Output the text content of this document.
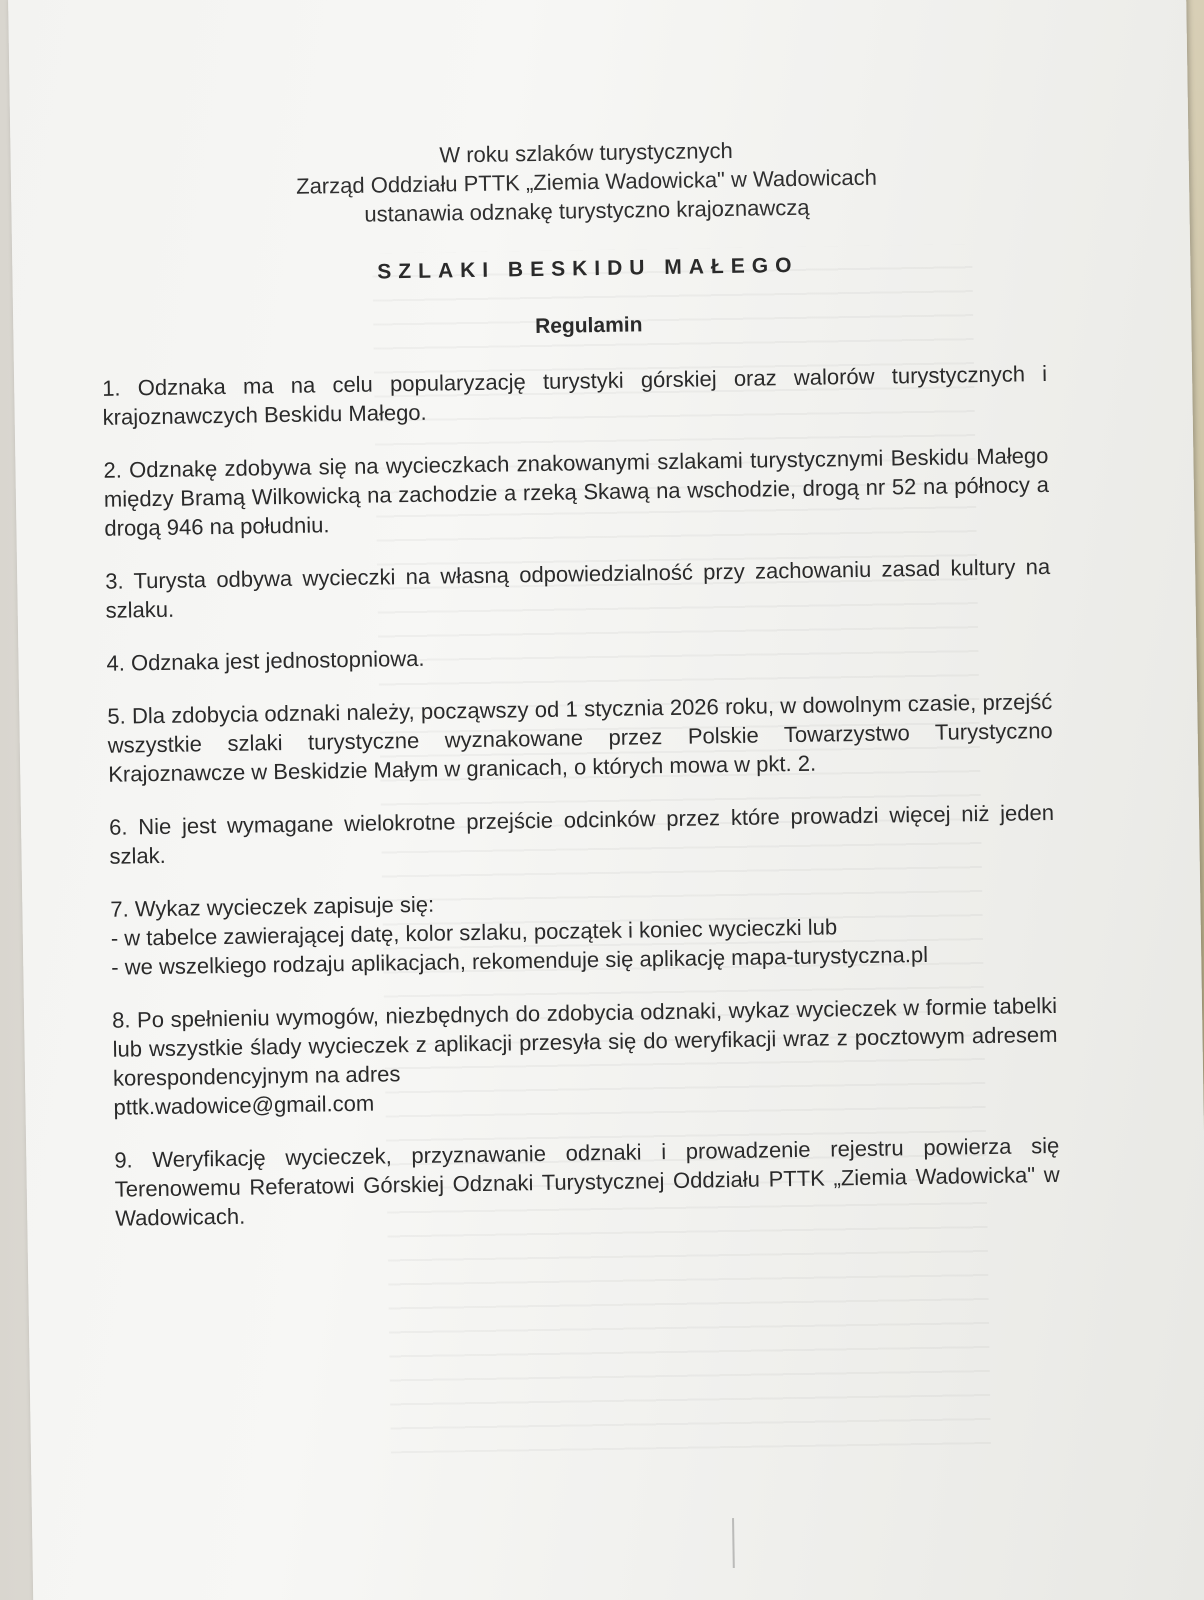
W roku szlaków turystycznych
Zarząd Oddziału PTTK „Ziemia Wadowicka" w Wadowicach
ustanawia odznakę turystyczno krajoznawczą
SZLAKI BESKIDU MAŁEGO
Regulamin

1. Odznaka ma na celu popularyzację turystyki górskiej oraz walorów turystycznych i krajoznawczych Beskidu Małego.

2. Odznakę zdobywa się na wycieczkach znakowanymi szlakami turystycznymi Beskidu Małego między Bramą Wilkowicką na zachodzie a rzeką Skawą na wschodzie, drogą nr 52 na północy a drogą 946 na południu.

3. Turysta odbywa wycieczki na własną odpowiedzialność przy zachowaniu zasad kultury na szlaku.

4. Odznaka jest jednostopniowa.

5. Dla zdobycia odznaki należy, począwszy od 1 stycznia 2026 roku, w dowolnym czasie, przejść wszystkie szlaki turystyczne wyznakowane przez Polskie Towarzystwo Turystyczno Krajoznawcze w Beskidzie Małym w granicach, o których mowa w pkt. 2.

6. Nie jest wymagane wielokrotne przejście odcinków przez które prowadzi więcej niż jeden szlak.

7. Wykaz wycieczek zapisuje się:
- w tabelce zawierającej datę, kolor szlaku, początek i koniec wycieczki lub
- we wszelkiego rodzaju aplikacjach, rekomenduje się aplikację mapa-turystyczna.pl
8. Po spełnieniu wymogów, niezbędnych do zdobycia odznaki, wykaz wycieczek w formie tabelki lub wszystkie ślady wycieczek z aplikacji przesyła się do weryfikacji wraz z pocztowym adresem korespondencyjnym na adres
pttk.wadowice@gmail.com

9. Weryfikację wycieczek, przyznawanie odznaki i prowadzenie rejestru powierza się Terenowemu Referatowi Górskiej Odznaki Turystycznej Oddziału PTTK „Ziemia Wadowicka" w Wadowicach.
